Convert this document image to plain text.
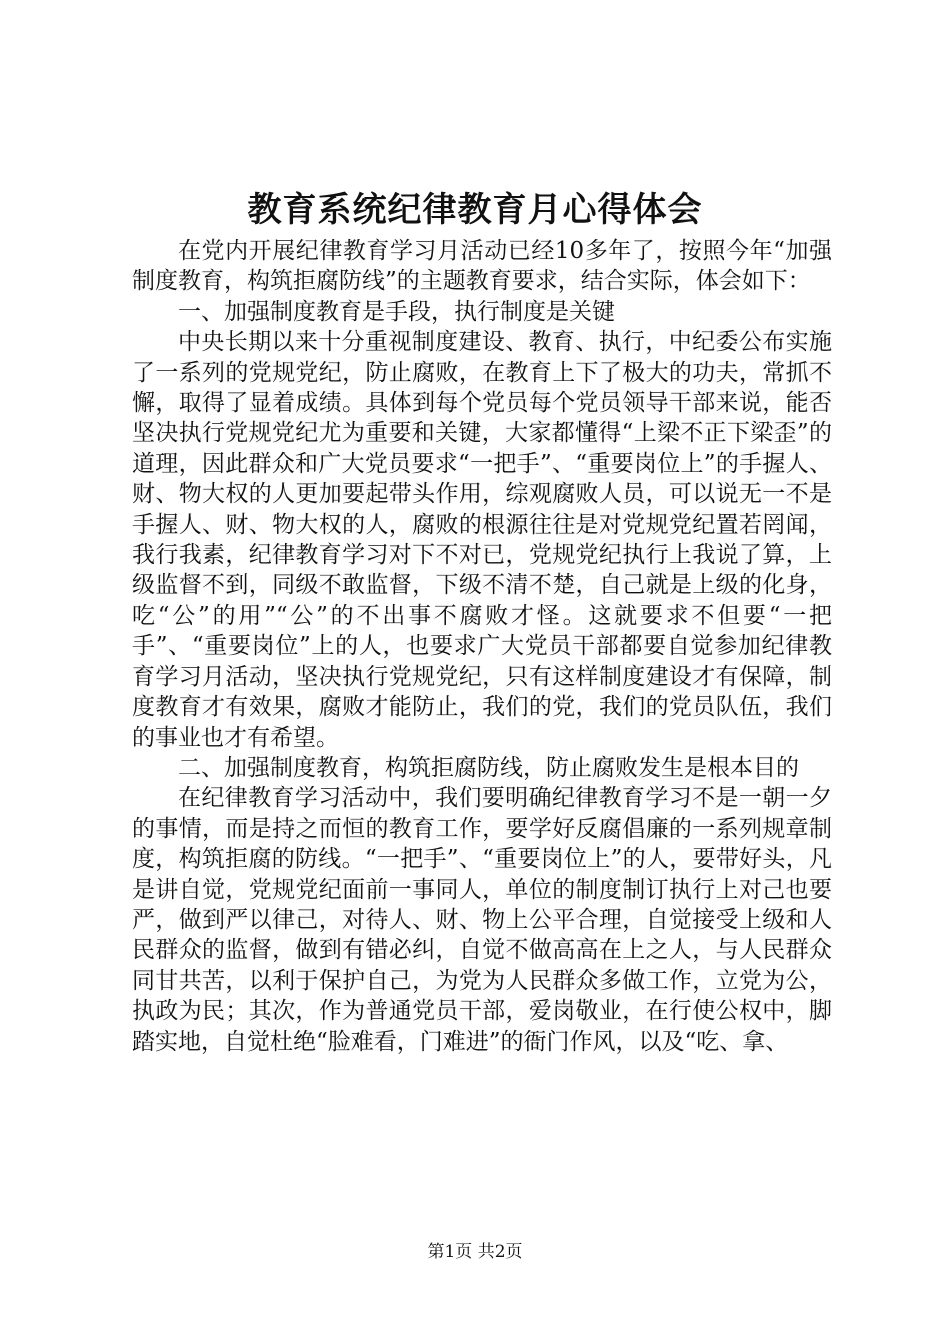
教育系统纪律教育月心得体会

在党内开展纪律教育学习月活动已经10多年了，按照今年“加强制度教育，构筑拒腐防线”的主题教育要求，结合实际，体会如下：

一、加强制度教育是手段，执行制度是关键

中央长期以来十分重视制度建设、教育、执行，中纪委公布实施了一系列的党规党纪，防止腐败，在教育上下了极大的功夫，常抓不懈，取得了显着成绩。具体到每个党员每个党员领导干部来说，能否坚决执行党规党纪尤为重要和关键，大家都懂得“上梁不正下梁歪”的道理，因此群众和广大党员要求“一把手”、“重要岗位上”的手握人、财、物大权的人更加要起带头作用，综观腐败人员，可以说无一不是手握人、财、物大权的人，腐败的根源往往是对党规党纪置若罔闻，我行我素，纪律教育学习对下不对已，党规党纪执行上我说了算，上级监督不到，同级不敢监督，下级不清不楚，自己就是上级的化身，吃“公”的用”“公”的不出事不腐败才怪。这就要求不但要“一把手”、“重要岗位”上的人，也要求广大党员干部都要自觉参加纪律教育学习月活动，坚决执行党规党纪，只有这样制度建设才有保障，制度教育才有效果，腐败才能防止，我们的党，我们的党员队伍，我们的事业也才有希望。

二、加强制度教育，构筑拒腐防线，防止腐败发生是根本目的

在纪律教育学习活动中，我们要明确纪律教育学习不是一朝一夕的事情，而是持之而恒的教育工作，要学好反腐倡廉的一系列规章制度，构筑拒腐的防线。“一把手”、“重要岗位上”的人，要带好头，凡是讲自觉，党规党纪面前一事同人，单位的制度制订执行上对己也要严，做到严以律己，对待人、财、物上公平合理，自觉接受上级和人民群众的监督，做到有错必纠，自觉不做高高在上之人，与人民群众同甘共苦，以利于保护自己，为党为人民群众多做工作，立党为公，执政为民；其次，作为普通党员干部，爱岗敬业，在行使公权中，脚踏实地，自觉杜绝“脸难看，门难进”的衙门作风，以及“吃、拿、

第1页 共2页
